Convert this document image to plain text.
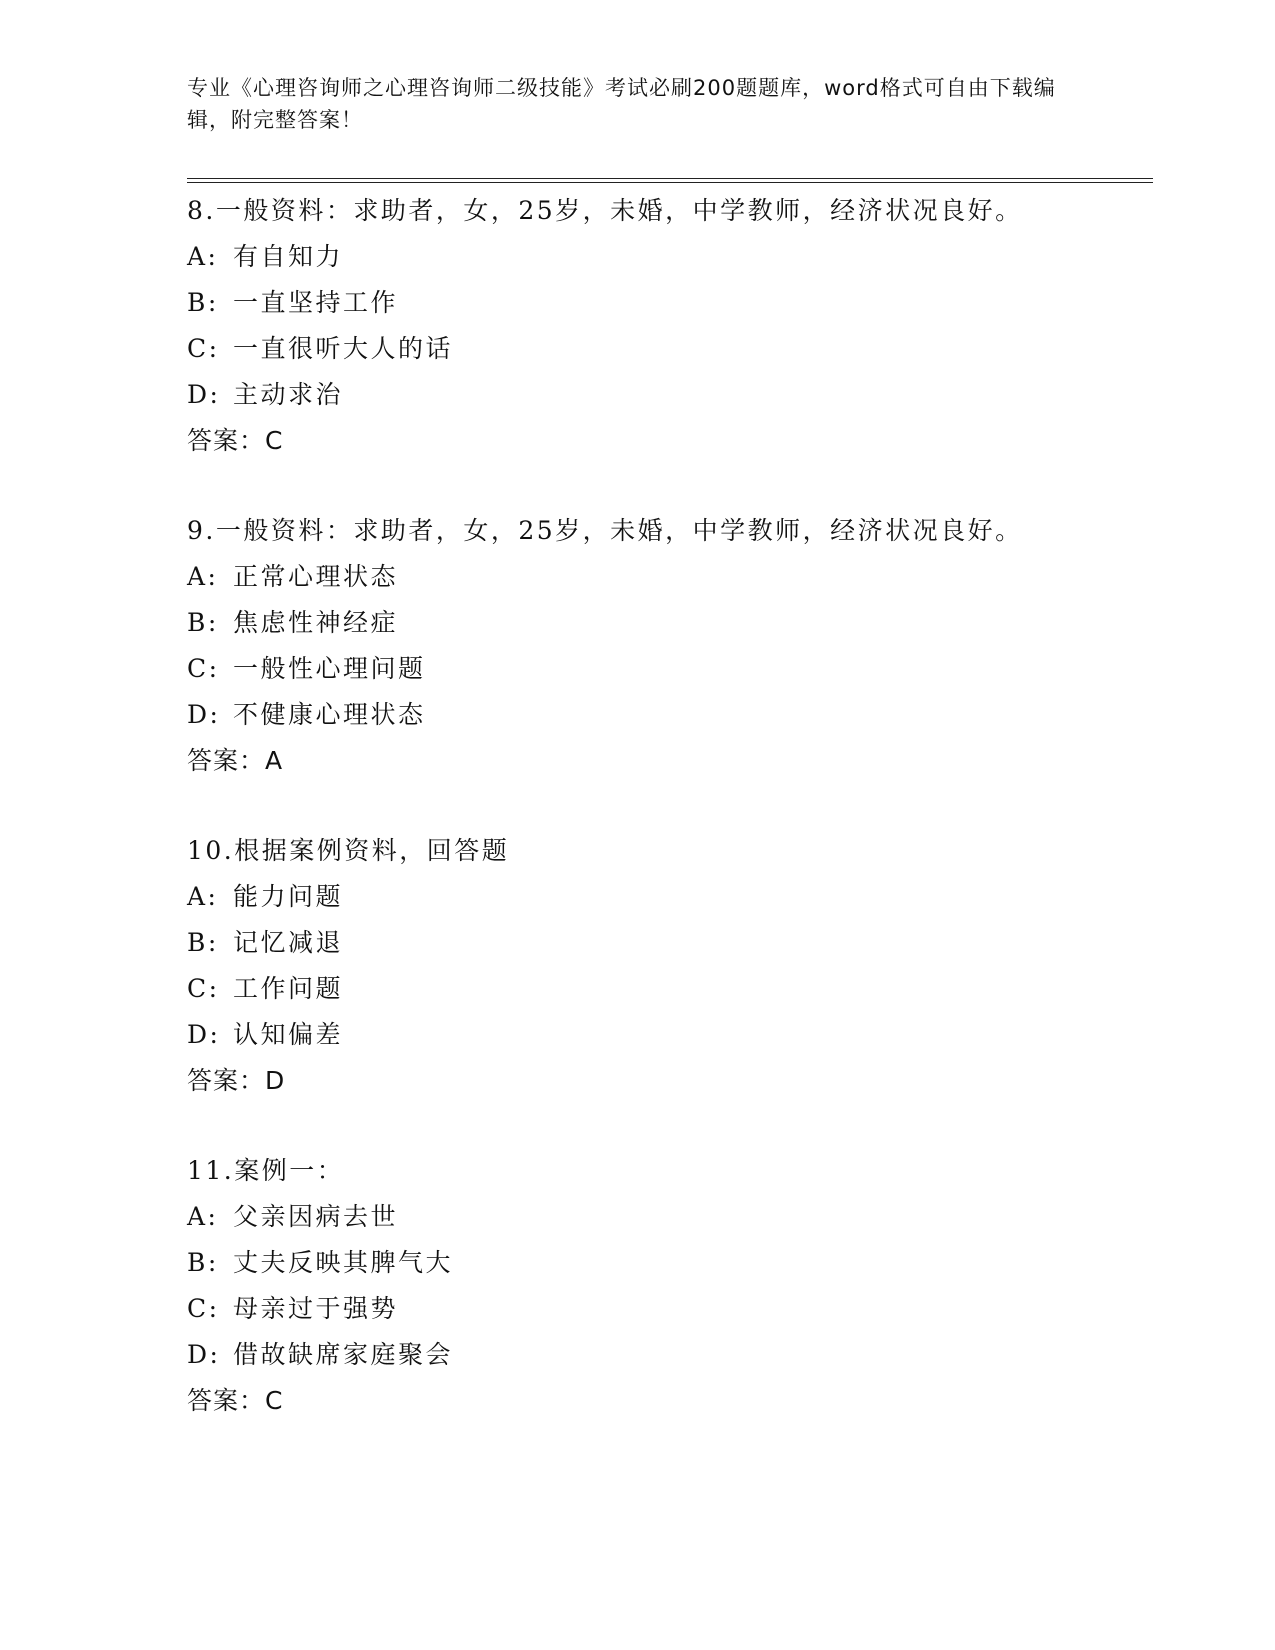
专业《心理咨询师之心理咨询师二级技能》考试必刷200题题库，word格式可自由下载编辑，附完整答案！
8.一般资料：求助者，女，25岁，未婚，中学教师，经济状况良好。
A: 有自知力
B: 一直坚持工作
C: 一直很听大人的话
D: 主动求治
答案：C
9.一般资料：求助者，女，25岁，未婚，中学教师，经济状况良好。
A: 正常心理状态
B: 焦虑性神经症
C: 一般性心理问题
D: 不健康心理状态
答案：A
10.根据案例资料，回答题
A: 能力问题
B: 记忆减退
C: 工作问题
D: 认知偏差
答案：D
11.案例一：
A: 父亲因病去世
B: 丈夫反映其脾气大
C: 母亲过于强势
D: 借故缺席家庭聚会
答案：C
